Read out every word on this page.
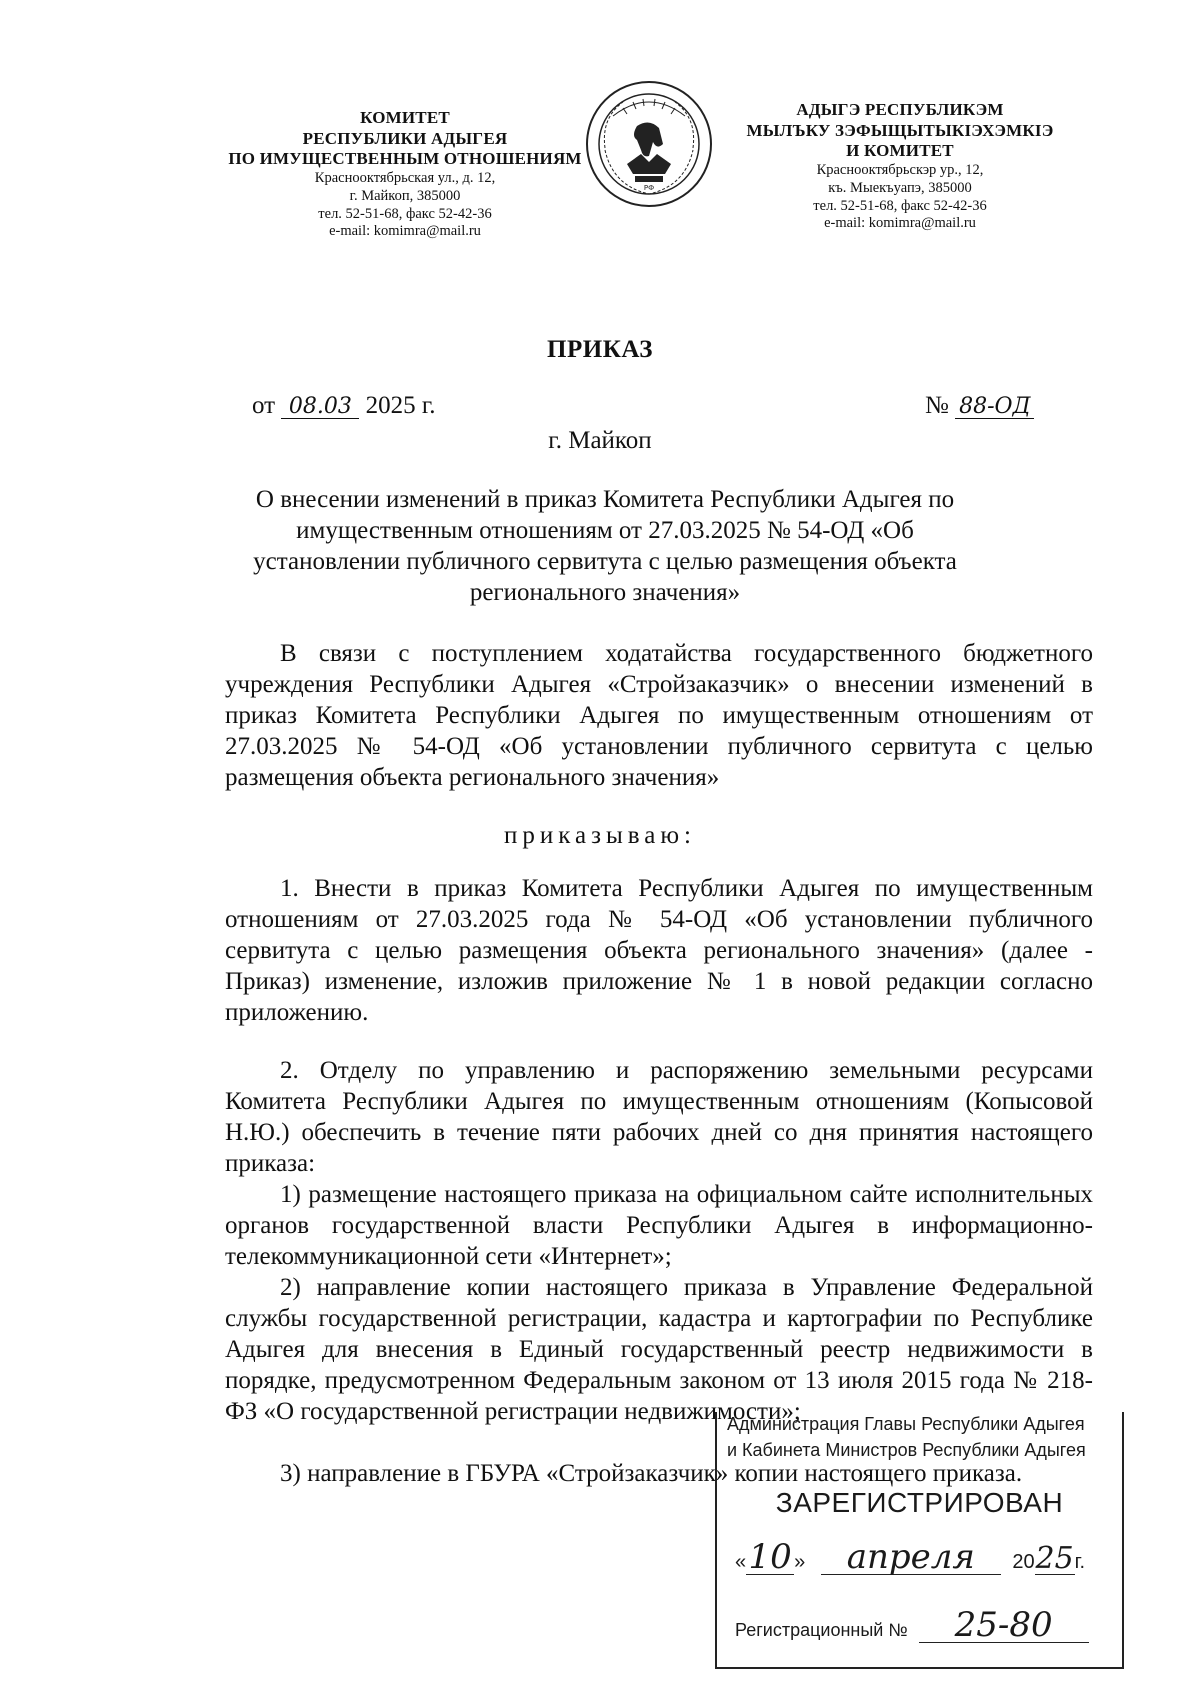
КОМИТЕТ
РЕСПУБЛИКИ АДЫГЕЯ
ПО ИМУЩЕСТВЕННЫМ ОТНОШЕНИЯМ
Краснооктябрьская ул., д. 12,
г. Майкоп, 385000
тел. 52-51-68, факс 52-42-36
e-mail: komimra@mail.ru
РФ
АДЫГЭ РЕСПУБЛИКЭМ
МЫЛЪКУ ЗЭФЫЩЫТЫКIЭХЭМКIЭ
И КОМИТЕТ
Краснооктябрьскэр ур., 12,
къ. Мыекъуапэ, 385000
тел. 52-51-68, факс 52-42-36
e-mail: komimra@mail.ru
ПРИКАЗ
от 08.03 2025 г.	№ 88-ОД
г. Майкоп
О внесении изменений в приказ Комитета Республики Адыгея по имущественным отношениям от 27.03.2025 № 54-ОД «Об установлении публичного сервитута с целью размещения объекта регионального значения»
В связи с поступлением ходатайства государственного бюджетного учреждения Республики Адыгея «Стройзаказчик» о внесении изменений в приказ Комитета Республики Адыгея по имущественным отношениям от 27.03.2025 № 54-ОД «Об установлении публичного сервитута с целью размещения объекта регионального значения»
приказываю:
1. Внести в приказ Комитета Республики Адыгея по имущественным отношениям от 27.03.2025 года № 54-ОД «Об установлении публичного сервитута с целью размещения объекта регионального значения» (далее - Приказ) изменение, изложив приложение № 1 в новой редакции согласно приложению.
2. Отделу по управлению и распоряжению земельными ресурсами Комитета Республики Адыгея по имущественным отношениям (Копысовой Н.Ю.) обеспечить в течение пяти рабочих дней со дня принятия настоящего приказа:
1) размещение настоящего приказа на официальном сайте исполнительных органов государственной власти Республики Адыгея в информационно-телекоммуникационной сети «Интернет»;
2) направление копии настоящего приказа в Управление Федеральной службы государственной регистрации, кадастра и картографии по Республике Адыгея для внесения в Единый государственный реестр недвижимости в порядке, предусмотренном Федеральным законом от 13 июля 2015 года № 218-ФЗ «О государственной регистрации недвижимости»;
3) направление в ГБУРА «Стройзаказчик» копии настоящего приказа.
Администрация Главы Республики Адыгея
и Кабинета Министров Республики Адыгея
ЗАРЕГИСТРИРОВАН
«10 » апреля 2025г.
Регистрационный № 25-80
